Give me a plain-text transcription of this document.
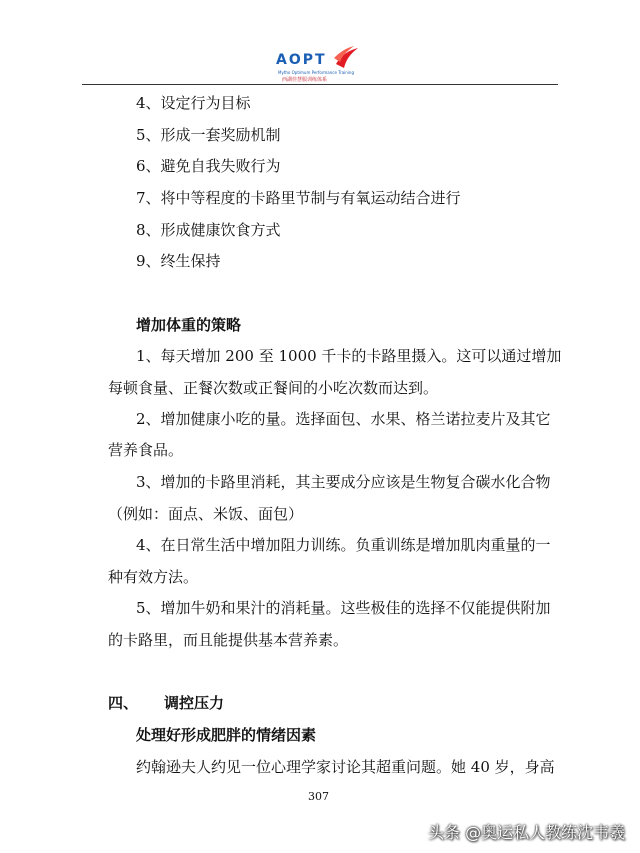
AOPT
Mytho Optimum Performance Training
西湖佳慧服训练体系
4、设定行为目标
5、形成一套奖励机制
6、避免自我失败行为
7、将中等程度的卡路里节制与有氧运动结合进行
8、形成健康饮食方式
9、终生保持
增加体重的策略
1、每天增加 200 至 1000 千卡的卡路里摄入。这可以通过增加
每顿食量、正餐次数或正餐间的小吃次数而达到。
2、增加健康小吃的量。选择面包、水果、格兰诺拉麦片及其它
营养食品。
3、增加的卡路里消耗，其主要成分应该是生物复合碳水化合物
（例如：面点、米饭、面包）
4、在日常生活中增加阻力训练。负重训练是增加肌肉重量的一
种有效方法。
5、增加牛奶和果汁的消耗量。这些极佳的选择不仅能提供附加
的卡路里，而且能提供基本营养素。
四、 调控压力
处理好形成肥胖的情绪因素
约翰逊夫人约见一位心理学家讨论其超重问题。她 40 岁，身高
307
头条 @奥运私人教练沈韦羲
